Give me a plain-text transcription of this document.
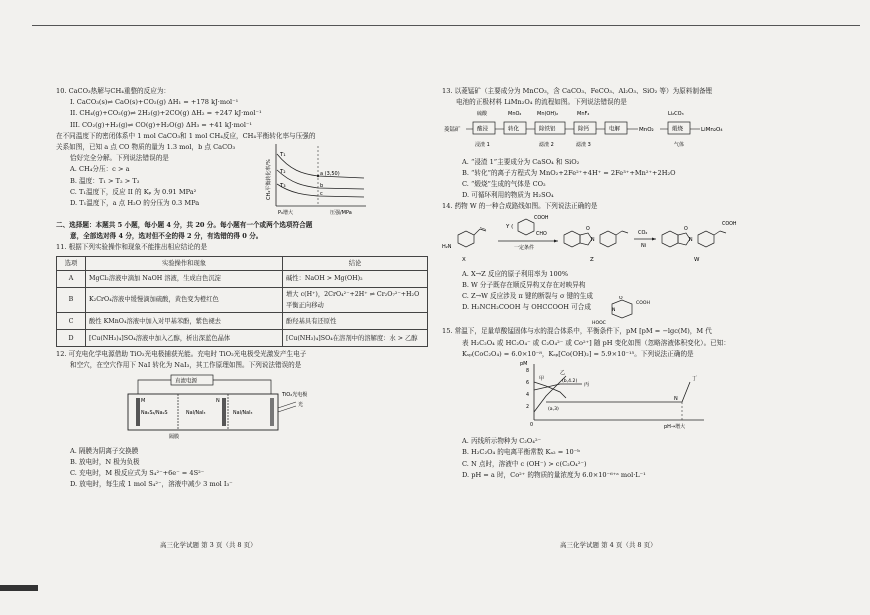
10. CaCO₃热解与CH₄重整的反应为：
I. CaCO₃(s)⇌ CaO(s)+CO₂(g) ΔH₁ = +178 kJ·mol⁻¹
II. CH₄(g)+CO₂(g)⇌ 2H₂(g)+2CO(g) ΔH₂ = +247 kJ·mol⁻¹
III. CO₂(g)+H₂(g)⇌ CO(g)+H₂O(g) ΔH₃ = +41 kJ·mol⁻¹
在不同温度下的密闭体系中 1 mol CaCO₃和 1 mol CH₄反应，CH₄平衡转化率与压强的
关系如图，已知 a 点 CO 物质的量为 1.3 mol，b 点 CaCO₃
恰好完全分解。下列说法错误的是
A. CH₄分压：c > a
B. 温度：T₁ > T₂ > T₃
C. T₁温度下，反应 II 的 Kₚ 为 0.91 MPa²
D. T₁温度下，a 点 H₂O 的分压为 0.3 MPa
T₁
T₂
T₃
a (3,50)
b
c
CH₄平衡转化率/%
P₀增大	压强/MPa
二、选择题：本题共 5 小题，每小题 4 分，共 20 分。每小题有一个或两个选项符合题
意，全部选对得 4 分，选对但不全的得 2 分，有选错的得 0 分。
11. 根据下列实验操作和现象不能推出相应结论的是
选项	实验操作和现象	结论
A	MgCl₂溶液中滴加 NaOH 溶液，生成白色沉淀	碱性：NaOH > Mg(OH)₂
B	K₂CrO₄溶液中缓慢滴加硫酸，黄色变为橙红色	增大 c(H⁺)，2CrO₄²⁻+2H⁺ ⇌ Cr₂O₇²⁻+H₂O 平衡正向移动
C	酸性 KMnO₄溶液中加入对甲基苯酚，紫色褪去	酚羟基具有还原性
D	[Cu(NH₃)₄]SO₄溶液中加入乙醇，析出深蓝色晶体	[Cu(NH₃)₄]SO₄在溶剂中的溶解度：水 > 乙醇
12. 可充电化学电源借助 TiO₂光电极捕获光能。充电时 TiO₂光电极受光激发产生电子
和空穴，在空穴作用下 NaI 转化为 NaI₃，其工作原理如图。下列说法错误的是
直流电源
M	N
Na₂S₄/Na₂S	NaI/NaI₃	NaI/NaI₃
隔膜
TiO₂光电极
光
A. 隔膜为阴离子交换膜
B. 放电时，N 极为负极
C. 充电时，M 极反应式为 S₄²⁻+6e⁻ = 4S²⁻
D. 放电时，每生成 1 mol S₄²⁻，溶液中减少 3 mol I₃⁻
13. 以菱锰矿（主要成分为 MnCO₃，含 CaCO₃、FeCO₃、Al₂O₃、SiO₂ 等）为原料制备锂
电池的正极材料 LiMn₂O₄ 的流程如图。下列说法错误的是
菱锰矿	酸浸	转化	除铁铝	除钙	电解	MnO₂	煅烧	LiMn₂O₄
硫酸	MnO₂	Mn(OH)₂	MnF₂	Li₂CO₃
浸渣 1	滤渣 2	滤渣 3	气体
A. “浸渣 1”主要成分为 CaSO₄ 和 SiO₂
B. “转化”的离子方程式为 MnO₂+2Fe²⁺+4H⁺ = 2Fe³⁺+Mn²⁺+2H₂O
C. “煅烧”生成的气体是 CO₂
D. 可循环利用的物质为 H₂SO₄
14. 药物 W 的一种合成路线如图。下列说法正确的是
H₂N
X
Y (
COOH
CHO
一定条件
O
N
Z
CO₂
Ni
O
N
COOH
W
A. X→Z 反应的原子利用率为 100%
B. W 分子既存在顺反异构又存在对映异构
C. Z→W 反应涉及 π 键的断裂与 σ 键的生成
D. H₂NCH₂COOH 与 OHCCOOH 可合成
O
N
COOH
HOOC
15. 常温下，足量草酸锰固体与水的混合体系中，平衡条件下，pM [pM = −lgc(M)，M 代
表 H₂C₂O₄ 或 HC₂O₄⁻ 或 C₂O₄²⁻ 或 Co²⁺] 随 pH 变化如图（忽略溶液体积变化）。已知：
Kₛₚ(CoC₂O₄) = 6.0×10⁻⁸，Kₛₚ[Co(OH)₂] = 5.9×10⁻¹⁵。下列说法正确的是
8
6
4
2
pM
0
甲
乙
丙
丁
(b,4.2)
(a,3)
N
pH→增大
A. 丙线所示物种为 C₂O₄²⁻
B. H₂C₂O₄ 的电离平衡常数 Kₐ₂ = 10⁻ᵇ
C. N 点时，溶液中 c (OH⁻) > c(C₂O₄²⁻)
D. pH = a 时，Co²⁺ 的物质的量浓度为 6.0×10⁻⁶⁺ᵃ mol·L⁻¹
高三化学试题 第 3 页（共 8 页）	高三化学试题 第 4 页（共 8 页）
